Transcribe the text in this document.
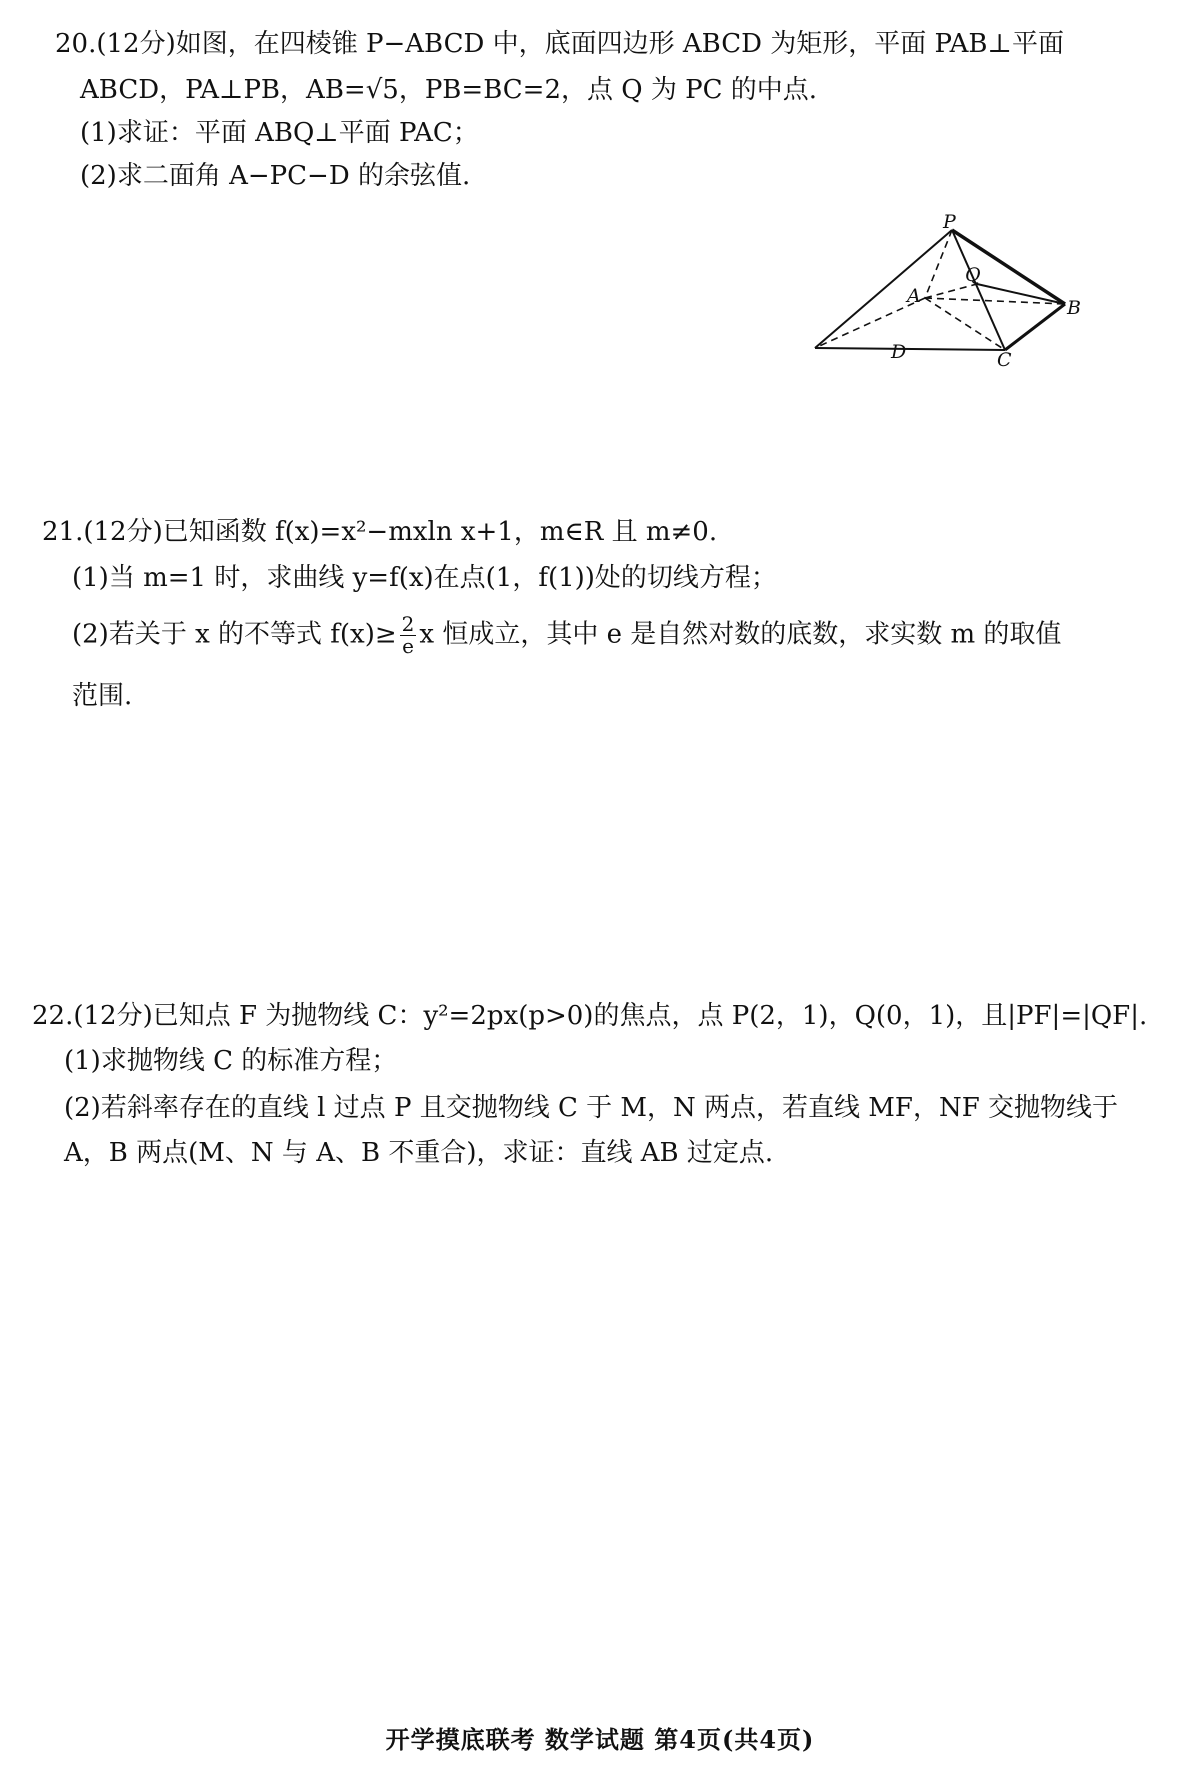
20.(12分)如图，在四棱锥 P−ABCD 中，底面四边形 ABCD 为矩形，平面 PAB⊥平面
ABCD，PA⊥PB，AB=√5，PB=BC=2，点 Q 为 PC 的中点.
(1)求证：平面 ABQ⊥平面 PAC；
(2)求二面角 A−PC−D 的余弦值.
P
Q
A
B
C
D
21.(12分)已知函数 f(x)=x²−mxln x+1，m∈R 且 m≠0.
(1)当 m=1 时，求曲线 y=f(x)在点(1，f(1))处的切线方程；
(2)若关于 x 的不等式 $f(x)\ge \frac{2}{e}$ x 恒成立，其中 e 是自然对数的底数，求实数 m 的取值
范围.
22.(12分)已知点 F 为抛物线 C：y²=2px(p>0)的焦点，点 P(2，1)，Q(0，1)，且|PF|=|QF|.
(1)求抛物线 C 的标准方程；
(2)若斜率存在的直线 l 过点 P 且交抛物线 C 于 M，N 两点，若直线 MF，NF 交抛物线于
A，B 两点(M、N 与 A、B 不重合)，求证：直线 AB 过定点.
开学摸底联考 数学试题 第4页(共4页)
